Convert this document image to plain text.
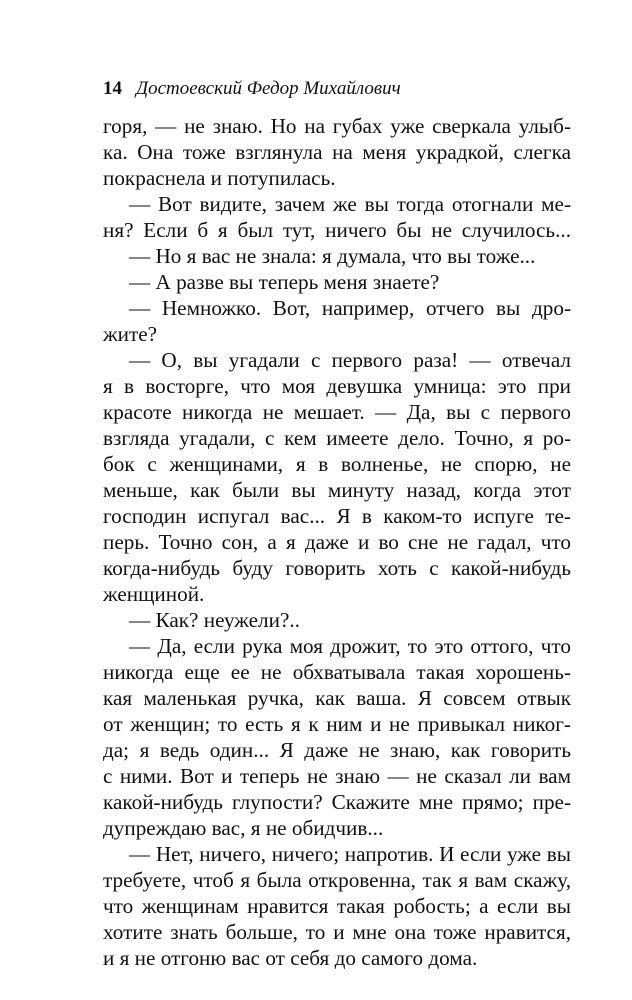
14 Достоевский Федор Михайлович
горя, — не знаю. Но на губах уже сверкала улыб-
ка. Она тоже взглянула на меня украдкой, слегка
покраснела и потупилась.
— Вот видите, зачем же вы тогда отогнали ме-
ня? Если б я был тут, ничего бы не случилось...
— Но я вас не знала: я думала, что вы тоже...
— А разве вы теперь меня знаете?
— Немножко. Вот, например, отчего вы дро-
жите?
— О, вы угадали с первого раза! — отвечал
я в восторге, что моя девушка умница: это при
красоте никогда не мешает. — Да, вы с первого
взгляда угадали, с кем имеете дело. Точно, я ро-
бок с женщинами, я в волненье, не спорю, не
меньше, как были вы минуту назад, когда этот
господин испугал вас... Я в каком-то испуге те-
перь. Точно сон, а я даже и во сне не гадал, что
когда-нибудь буду говорить хоть с какой-нибудь
женщиной.
— Как? неужели?..
— Да, если рука моя дрожит, то это оттого, что
никогда еще ее не обхватывала такая хорошень-
кая маленькая ручка, как ваша. Я совсем отвык
от женщин; то есть я к ним и не привыкал никог-
да; я ведь один... Я даже не знаю, как говорить
с ними. Вот и теперь не знаю — не сказал ли вам
какой-нибудь глупости? Скажите мне прямо; пре-
дупреждаю вас, я не обидчив...
— Нет, ничего, ничего; напротив. И если уже вы
требуете, чтоб я была откровенна, так я вам скажу,
что женщинам нравится такая робость; а если вы
хотите знать больше, то и мне она тоже нравится,
и я не отгоню вас от себя до самого дома.
